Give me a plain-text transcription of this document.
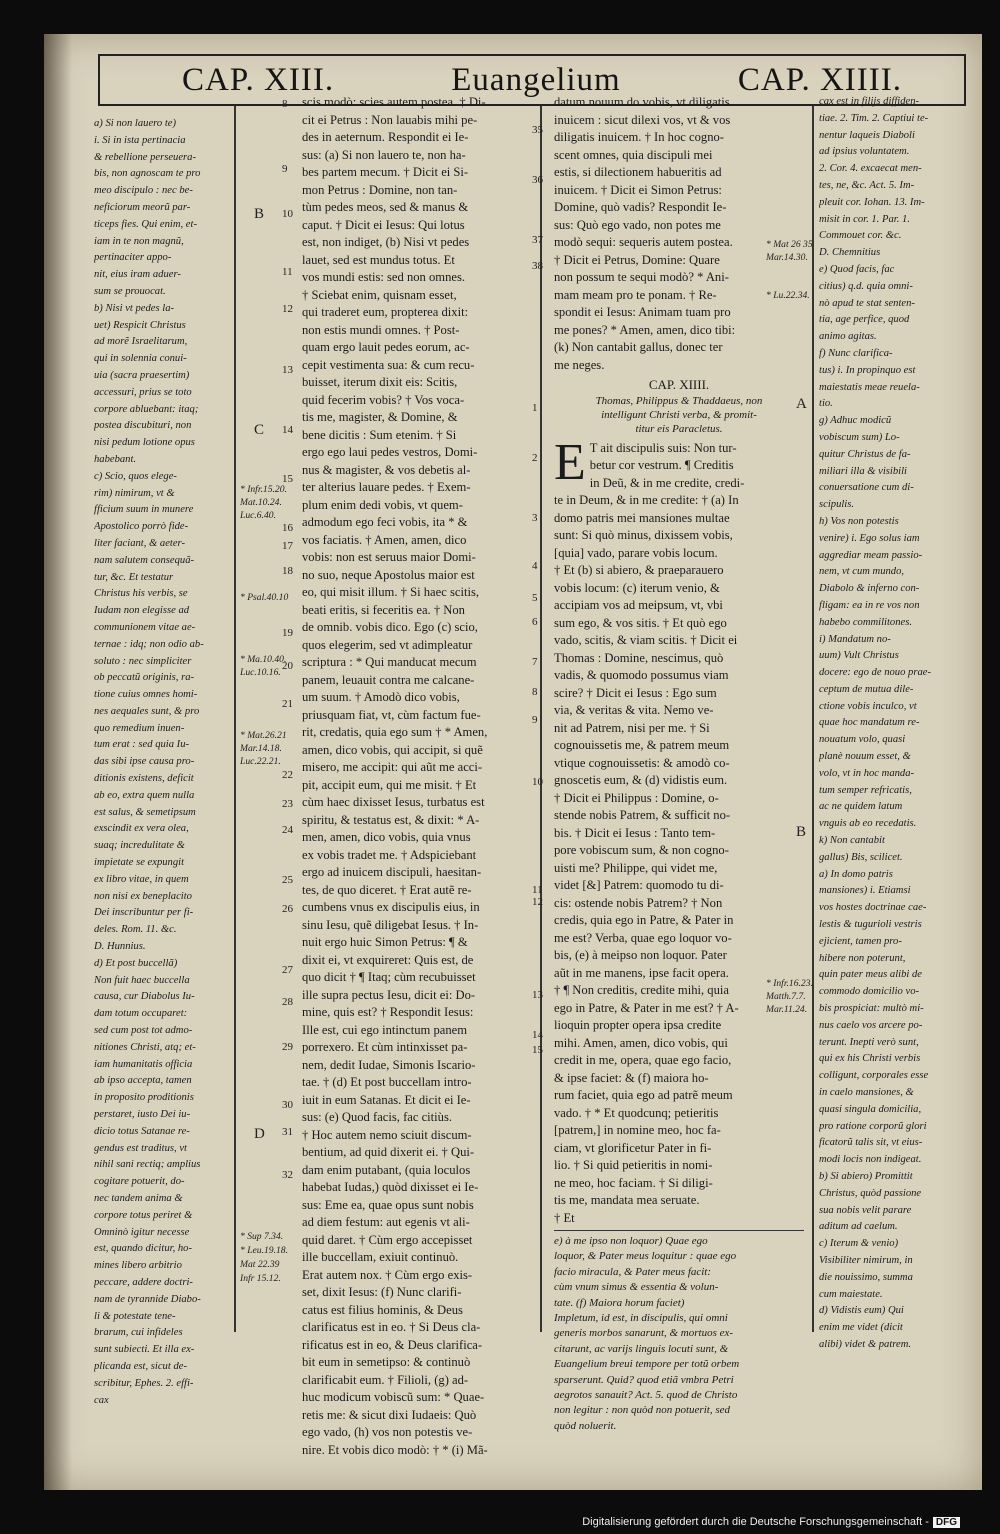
CAP. XIII.	Euangelium	CAP. XIIII.
a) Si non lauero te)
i. Si in ista pertinacia
& rebellione perseuera-
bis, non agnoscam te pro
meo discipulo : nec be-
neficiorum meorũ par-
ticeps fies. Qui enim, et-
iam in te non magnũ,
pertinaciter appo-
nit, eius iram aduer-
sum se prouocat.
b) Nisi vt pedes la-
uet) Respicit Christus
ad morẽ Israelitarum,
qui in solennia conui-
uia (sacra praesertim)
accessuri, prius se toto
corpore abluebant: itaq;
postea discubituri, non
nisi pedum lotione opus
habebant.
c) Scio, quos elege-
rim) nimirum, vt &
fficium suum in munere
Apostolico porrò fide-
liter faciant, & aeter-
nam salutem consequã-
tur, &c. Et testatur
Christus his verbis, se
Iudam non elegisse ad
communionem vitae ae-
ternae : idq; non odio ab-
soluto : nec simpliciter
ob peccatũ originis, ra-
tione cuius omnes homi-
nes aequales sunt, & pro
quo remedium inuen-
tum erat : sed quia Iu-
das sibi ipse causa pro-
ditionis existens, deficit
ab eo, extra quem nulla
est salus, & semetipsum
exscindit ex vera olea,
suaq; incredulitate &
impietate se expungit
ex libro vitae, in quem
non nisi ex beneplacito
Dei inscribuntur per fi-
deles. Rom. 11. &c.
D. Hunnius.
d) Et post buccellã)
Non fuit haec buccella
causa, cur Diabolus Iu-
dam totum occuparet:
sed cum post tot admo-
nitiones Christi, atq; et-
iam humanitatis officia
ab ipso accepta, tamen
in proposito proditionis
perstaret, iusto Dei iu-
dicio totus Satanae re-
gendus est traditus, vt
nihil sani rectiq; amplius
cogitare potuerit, do-
nec tandem anima &
corpore totus periret &
Omninò igitur necesse
est, quando dicitur, ho-
mines libero arbitrio
peccare, addere doctri-
nam de tyrannide Diabo-
li & potestate tene-
brarum, cui infideles
sunt subiecti. Et illa ex-
plicanda est, sicut de-
scribitur, Ephes. 2. effi-
cax
8
9
10
11
12
13
14
15
16
17
18
19
20
21
22
23
24
25
26
27
28
29
30
31
32
B
C
D
* Infr.15.20.
Mat.10.24.
Luc.6.40.
* Psal.40.10
* Ma.10.40.
Luc.10.16.
* Mat.26.21
Mar.14.18.
Luc.22.21.
* Sup 7.34.
* Leu.19.18.
Mat 22.39
Infr 15.12.
scis modò: scies autem postea. † Di-
cit ei Petrus : Non lauabis mihi pe-
des in aeternum. Respondit ei Ie-
sus: (a) Si non lauero te, non ha-
bes partem mecum. † Dicit ei Si-
mon Petrus : Domine, non tan-
tùm pedes meos, sed & manus &
caput. † Dicit ei Iesus: Qui lotus
est, non indiget, (b) Nisi vt pedes
lauet, sed est mundus totus. Et
vos mundi estis: sed non omnes.
† Sciebat enim, quisnam esset,
qui traderet eum, propterea dixit:
non estis mundi omnes. † Post-
quam ergo lauit pedes eorum, ac-
cepit vestimenta sua: & cum recu-
buisset, iterum dixit eis: Scitis,
quid fecerim vobis? † Vos voca-
tis me, magister, & Domine, &
bene dicitis : Sum etenim. † Si
ergo ego laui pedes vestros, Domi-
nus & magister, & vos debetis al-
ter alterius lauare pedes. † Exem-
plum enim dedi vobis, vt quem-
admodum ego feci vobis, ita * &
vos faciatis. † Amen, amen, dico
vobis: non est seruus maior Domi-
no suo, neque Apostolus maior est
eo, qui misit illum. † Si haec scitis,
beati eritis, si feceritis ea. † Non
de omnib. vobis dico. Ego (c) scio,
quos elegerim, sed vt adimpleatur
scriptura : * Qui manducat mecum
panem, leuauit contra me calcane-
um suum. † Amodò dico vobis,
priusquam fiat, vt, cùm factum fue-
rit, credatis, quia ego sum † * Amen,
amen, dico vobis, qui accipit, si quẽ
misero, me accipit: qui aũt me acci-
pit, accipit eum, qui me misit. † Et
cùm haec dixisset Iesus, turbatus est
spiritu, & testatus est, & dixit: * A-
men, amen, dico vobis, quia vnus
ex vobis tradet me. † Adspiciebant
ergo ad inuicem discipuli, haesitan-
tes, de quo diceret. † Erat autẽ re-
cumbens vnus ex discipulis eius, in
sinu Iesu, quẽ diligebat Iesus. † In-
nuit ergo huic Simon Petrus: ¶ &
dixit ei, vt exquireret: Quis est, de
quo dicit † ¶ Itaq; cùm recubuisset
ille supra pectus Iesu, dicit ei: Do-
mine, quis est? † Respondit Iesus:
Ille est, cui ego intinctum panem
porrexero. Et cùm intinxisset pa-
nem, dedit Iudae, Simonis Iscario-
tae. † (d) Et post buccellam intro-
iuit in eum Satanas. Et dicit ei Ie-
sus: (e) Quod facis, fac citiùs.
† Hoc autem nemo sciuit discum-
bentium, ad quid dixerit ei. † Qui-
dam enim putabant, (quia loculos
habebat Iudas,) quòd dixisset ei Ie-
sus: Eme ea, quae opus sunt nobis
ad diem festum: aut egenis vt ali-
quid daret. † Cùm ergo accepisset
ille buccellam, exiuit continuò.
Erat autem nox. † Cùm ergo exis-
set, dixit Iesus: (f) Nunc clarifi-
catus est filius hominis, & Deus
clarificatus est in eo. † Si Deus cla-
rificatus est in eo, & Deus clarifica-
bit eum in semetipso: & continuò
clarificabit eum. † Filioli, (g) ad-
huc modicum vobiscũ sum: * Quae-
retis me: & sicut dixi Iudaeis: Quò
ego vado, (h) vos non potestis ve-
nire. Et vobis dico modò: † * (i) Mã-
datum nouum do vobis, vt diligatis
inuicem : sicut dilexi vos, vt & vos
diligatis inuicem. † In hoc cogno-
scent omnes, quia discipuli mei
estis, si dilectionem habueritis ad
inuicem. † Dicit ei Simon Petrus:
Domine, quò vadis? Respondit Ie-
sus: Quò ego vado, non potes me
modò sequi: sequeris autem postea.
† Dicit ei Petrus, Domine: Quare
non possum te sequi modò? * Ani-
mam meam pro te ponam. † Re-
spondit ei Iesus: Animam tuam pro
me pones? * Amen, amen, dico tibi:
(k) Non cantabit gallus, donec ter
me neges.
CAP. XIIII.
Thomas, Philippus & Thaddaeus, non
intelligunt Christi verba, & promit-
titur eis Paracletus.
E T ait discipulis suis: Non tur-
betur cor vestrum. ¶ Creditis
in Deũ, & in me credite, credi-
te in Deum, & in me credite: † (a) In
domo patris mei mansiones multae
sunt: Si quò minus, dixissem vobis,
[quia] vado, parare vobis locum.
† Et (b) si abiero, & praeparauero
vobis locum: (c) iterum venio, &
accipiam vos ad meipsum, vt, vbi
sum ego, & vos sitis. † Et quò ego
vado, scitis, & viam scitis. † Dicit ei
Thomas : Domine, nescimus, quò
vadis, & quomodo possumus viam
scire? † Dicit ei Iesus : Ego sum
via, & veritas & vita. Nemo ve-
nit ad Patrem, nisi per me. † Si
cognouissetis me, & patrem meum
vtique cognouissetis: & amodò co-
gnoscetis eum, & (d) vidistis eum.
† Dicit ei Philippus : Domine, o-
stende nobis Patrem, & sufficit no-
bis. † Dicit ei Iesus : Tanto tem-
pore vobiscum sum, & non cogno-
uisti me? Philippe, qui videt me,
videt [&] Patrem: quomodo tu di-
cis: ostende nobis Patrem? † Non
credis, quia ego in Patre, & Pater in
me est? Verba, quae ego loquor vo-
bis, (e) à meipso non loquor. Pater
aũt in me manens, ipse facit opera.
† ¶ Non creditis, credite mihi, quia
ego in Patre, & Pater in me est? † A-
lioquin propter opera ipsa credite
mihi. Amen, amen, dico vobis, qui
credit in me, opera, quae ego facio,
& ipse faciet: & (f) maiora ho-
rum faciet, quia ego ad patrẽ meum
vado. † * Et quodcunq; petieritis
[patrem,] in nomine meo, hoc fa-
ciam, vt glorificetur Pater in fi-
lio. † Si quid petieritis in nomi-
ne meo, hoc faciam. † Si diligi-
tis me, mandata mea seruate.
† Et
e) à me ipso non loquor) Quae ego
loquor, & Pater meus loquitur : quae ego
facio miracula, & Pater meus facit:
cùm vnum simus & essentia & volun-
tate. (f) Maiora horum faciet)
Impletum, id est, in discipulis, qui omni
generis morbos sanarunt, & mortuos ex-
citarunt, ac varijs linguis locuti sunt, &
Euangelium breui tempore per totũ orbem
sparserunt. Quid? quod etiã vmbra Petri
aegrotos sanauit? Act. 5. quod de Christo
non legitur : non quòd non potuerit, sed
quòd noluerit.
35
36
37
38
1
2
3
4
5
6
7
8
9
10
11
12
13
14
15
A
B
* Mat 26 35
Mar.14.30.
* Lu.22.34.
* Infr.16.23.
Matth.7.7.
Mar.11.24.
cax est in filijs diffiden-
tiae. 2. Tim. 2. Captiui te-
nentur laqueis Diaboli
ad ipsius voluntatem.
2. Cor. 4. excaecat men-
tes, ne, &c. Act. 5. Im-
pleuit cor. Iohan. 13. Im-
misit in cor. 1. Par. 1.
Commouet cor. &c.
D. Chemnitius
e) Quod facis, fac
citius) q.d. quia omni-
nò apud te stat senten-
tia, age perfice, quod
animo agitas.
f) Nunc clarifica-
tus) i. In propinquo est
maiestatis meae reuela-
tio.
g) Adhuc modicũ
vobiscum sum) Lo-
quitur Christus de fa-
miliari illa & visibili
conuersatione cum di-
scipulis.
h) Vos non potestis
venire) i. Ego solus iam
aggrediar meam passio-
nem, vt cum mundo,
Diabolo & inferno con-
fligam: ea in re vos non
habebo commilitones.
i) Mandatum no-
uum) Vult Christus
docere: ego de nouo prae-
ceptum de mutua dile-
ctione vobis inculco, vt
quae hoc mandatum re-
nouatum volo, quasi
planè nouum esset, &
volo, vt in hoc manda-
tum semper refricatis,
ac ne quidem latum
vnguis ab eo recedatis.
k) Non cantabit
gallus) Bis, scilicet.
a) In domo patris
mansiones) i. Etiamsi
vos hostes doctrinae cae-
lestis & tugurioli vestris
ejicient, tamen pro-
hibere non poterunt,
quin pater meus alibi de
commodo domicilio vo-
bis prospiciat: multò mi-
nus caelo vos arcere po-
terunt. Inepti verò sunt,
qui ex his Christi verbis
colligunt, corporales esse
in caelo mansiones, &
quasi singula domicilia,
pro ratione corporũ glori
ficatorũ talis sit, vt eius-
modi locis non indigeat.
b) Si abiero) Promittit
Christus, quòd passione
sua nobis velit parare
aditum ad caelum.
c) Iterum & venio)
Visibiliter nimirum, in
die nouissimo, summa
cum maiestate.
d) Vidistis eum) Qui
enim me videt (dicit
alibi) videt & patrem.
Digitalisierung gefördert durch die Deutsche Forschungsgemeinschaft - DFG
